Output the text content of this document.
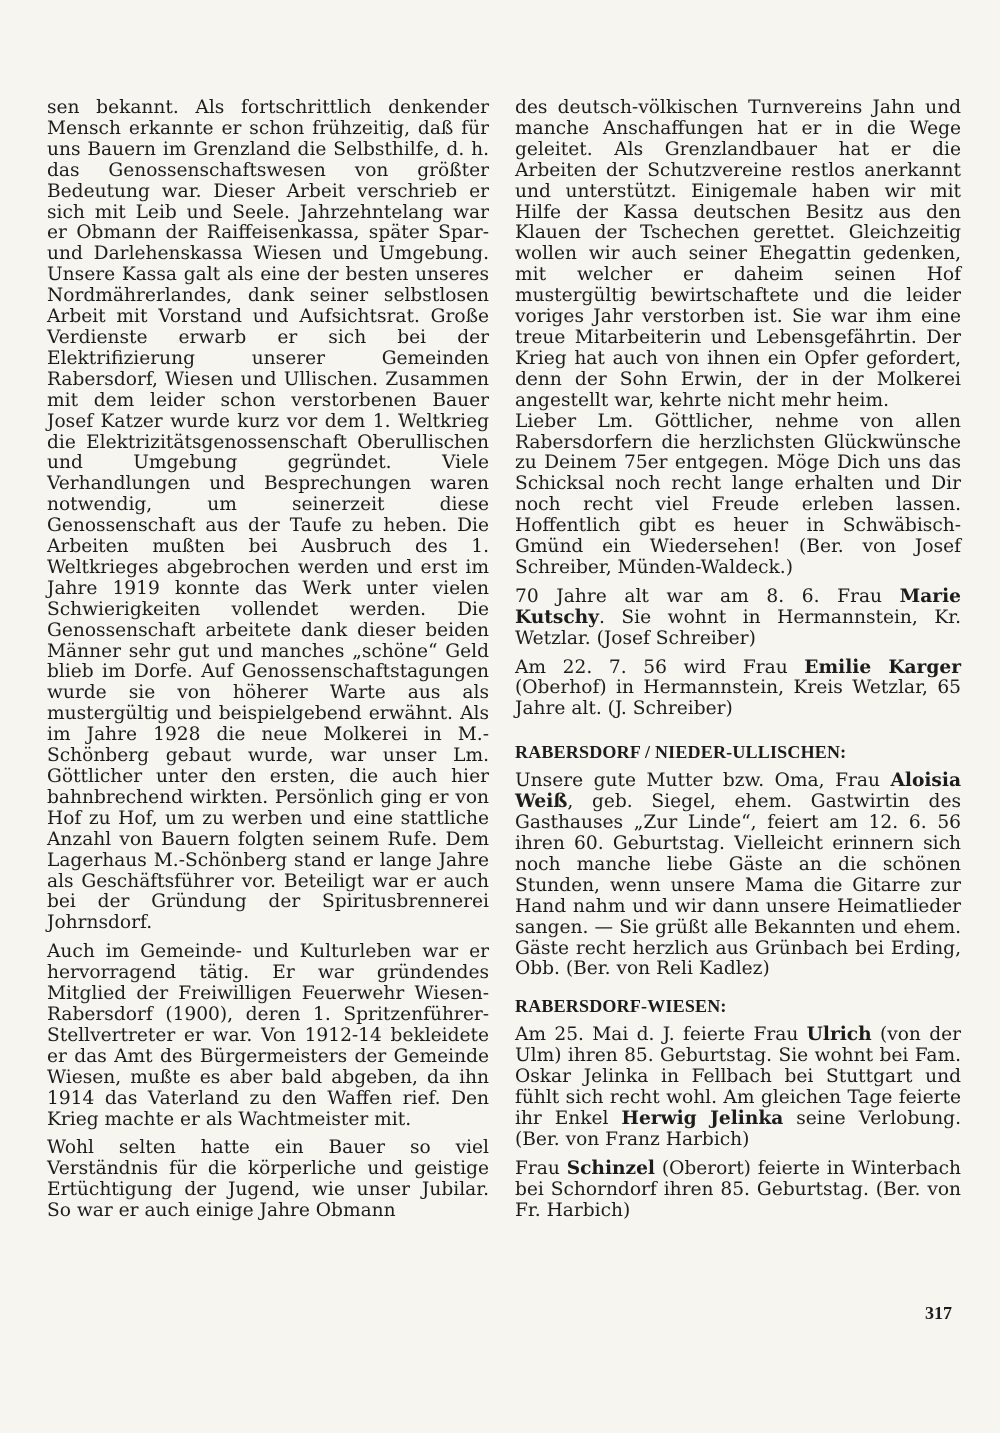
sen bekannt. Als fortschrittlich denkender Mensch erkannte er schon frühzeitig, daß für uns Bauern im Grenzland die Selbsthilfe, d. h. das Genossenschaftswesen von größter Bedeutung war. Dieser Arbeit verschrieb er sich mit Leib und Seele. Jahrzehntelang war er Obmann der Raiffeisenkassa, später Spar- und Darlehenskassa Wiesen und Umgebung. Unsere Kassa galt als eine der besten unseres Nordmährerlandes, dank seiner selbstlosen Arbeit mit Vorstand und Aufsichtsrat. Große Verdienste erwarb er sich bei der Elektrifizierung unserer Gemeinden Rabersdorf, Wiesen und Ullischen. Zusammen mit dem leider schon verstorbenen Bauer Josef Katzer wurde kurz vor dem 1. Weltkrieg die Elektrizitätsgenossenschaft Oberullischen und Umgebung gegründet. Viele Verhandlungen und Besprechungen waren notwendig, um seinerzeit diese Genossenschaft aus der Taufe zu heben. Die Arbeiten mußten bei Ausbruch des 1. Weltkrieges abgebrochen werden und erst im Jahre 1919 konnte das Werk unter vielen Schwierigkeiten vollendet werden. Die Genossenschaft arbeitete dank dieser beiden Männer sehr gut und manches „schöne“ Geld blieb im Dorfe. Auf Genossenschaftstagungen wurde sie von höherer Warte aus als mustergültig und beispielgebend erwähnt. Als im Jahre 1928 die neue Molkerei in M.-Schönberg gebaut wurde, war unser Lm. Göttlicher unter den ersten, die auch hier bahnbrechend wirkten. Persönlich ging er von Hof zu Hof, um zu werben und eine stattliche Anzahl von Bauern folgten seinem Rufe. Dem Lagerhaus M.-Schönberg stand er lange Jahre als Geschäftsführer vor. Beteiligt war er auch bei der Gründung der Spiritusbrennerei Johrnsdorf.

Auch im Gemeinde- und Kulturleben war er hervorragend tätig. Er war gründendes Mitglied der Freiwilligen Feuerwehr Wiesen-Rabersdorf (1900), deren 1. Spritzenführer-Stellvertreter er war. Von 1912-14 bekleidete er das Amt des Bürgermeisters der Gemeinde Wiesen, mußte es aber bald abgeben, da ihn 1914 das Vaterland zu den Waffen rief. Den Krieg machte er als Wachtmeister mit.

Wohl selten hatte ein Bauer so viel Verständnis für die körperliche und geistige Ertüchtigung der Jugend, wie unser Jubilar. So war er auch einige Jahre Obmann

des deutsch-völkischen Turnvereins Jahn und manche Anschaffungen hat er in die Wege geleitet. Als Grenzlandbauer hat er die Arbeiten der Schutzvereine restlos anerkannt und unterstützt. Einigemale haben wir mit Hilfe der Kassa deutschen Besitz aus den Klauen der Tschechen gerettet. Gleichzeitig wollen wir auch seiner Ehegattin gedenken, mit welcher er daheim seinen Hof mustergültig bewirtschaftete und die leider voriges Jahr verstorben ist. Sie war ihm eine treue Mitarbeiterin und Lebensgefährtin. Der Krieg hat auch von ihnen ein Opfer gefordert, denn der Sohn Erwin, der in der Molkerei angestellt war, kehrte nicht mehr heim.

Lieber Lm. Göttlicher, nehme von allen Rabersdorfern die herzlichsten Glückwünsche zu Deinem 75er entgegen. Möge Dich uns das Schicksal noch recht lange erhalten und Dir noch recht viel Freude erleben lassen. Hoffentlich gibt es heuer in Schwäbisch-Gmünd ein Wiedersehen! (Ber. von Josef Schreiber, Münden-Waldeck.)

70 Jahre alt war am 8. 6. Frau Marie Kutschy. Sie wohnt in Hermannstein, Kr. Wetzlar. (Josef Schreiber)

Am 22. 7. 56 wird Frau Emilie Karger (Oberhof) in Hermannstein, Kreis Wetzlar, 65 Jahre alt. (J. Schreiber)

RABERSDORF / NIEDER-ULLISCHEN:

Unsere gute Mutter bzw. Oma, Frau Aloisia Weiß, geb. Siegel, ehem. Gastwirtin des Gasthauses „Zur Linde“, feiert am 12. 6. 56 ihren 60. Geburtstag. Vielleicht erinnern sich noch manche liebe Gäste an die schönen Stunden, wenn unsere Mama die Gitarre zur Hand nahm und wir dann unsere Heimatlieder sangen. — Sie grüßt alle Bekannten und ehem. Gäste recht herzlich aus Grünbach bei Erding, Obb. (Ber. von Reli Kadlez)

RABERSDORF-WIESEN:

Am 25. Mai d. J. feierte Frau Ulrich (von der Ulm) ihren 85. Geburtstag. Sie wohnt bei Fam. Oskar Jelinka in Fellbach bei Stuttgart und fühlt sich recht wohl. Am gleichen Tage feierte ihr Enkel Herwig Jelinka seine Verlobung. (Ber. von Franz Harbich)

Frau Schinzel (Oberort) feierte in Winterbach bei Schorndorf ihren 85. Geburtstag. (Ber. von Fr. Harbich)

317
